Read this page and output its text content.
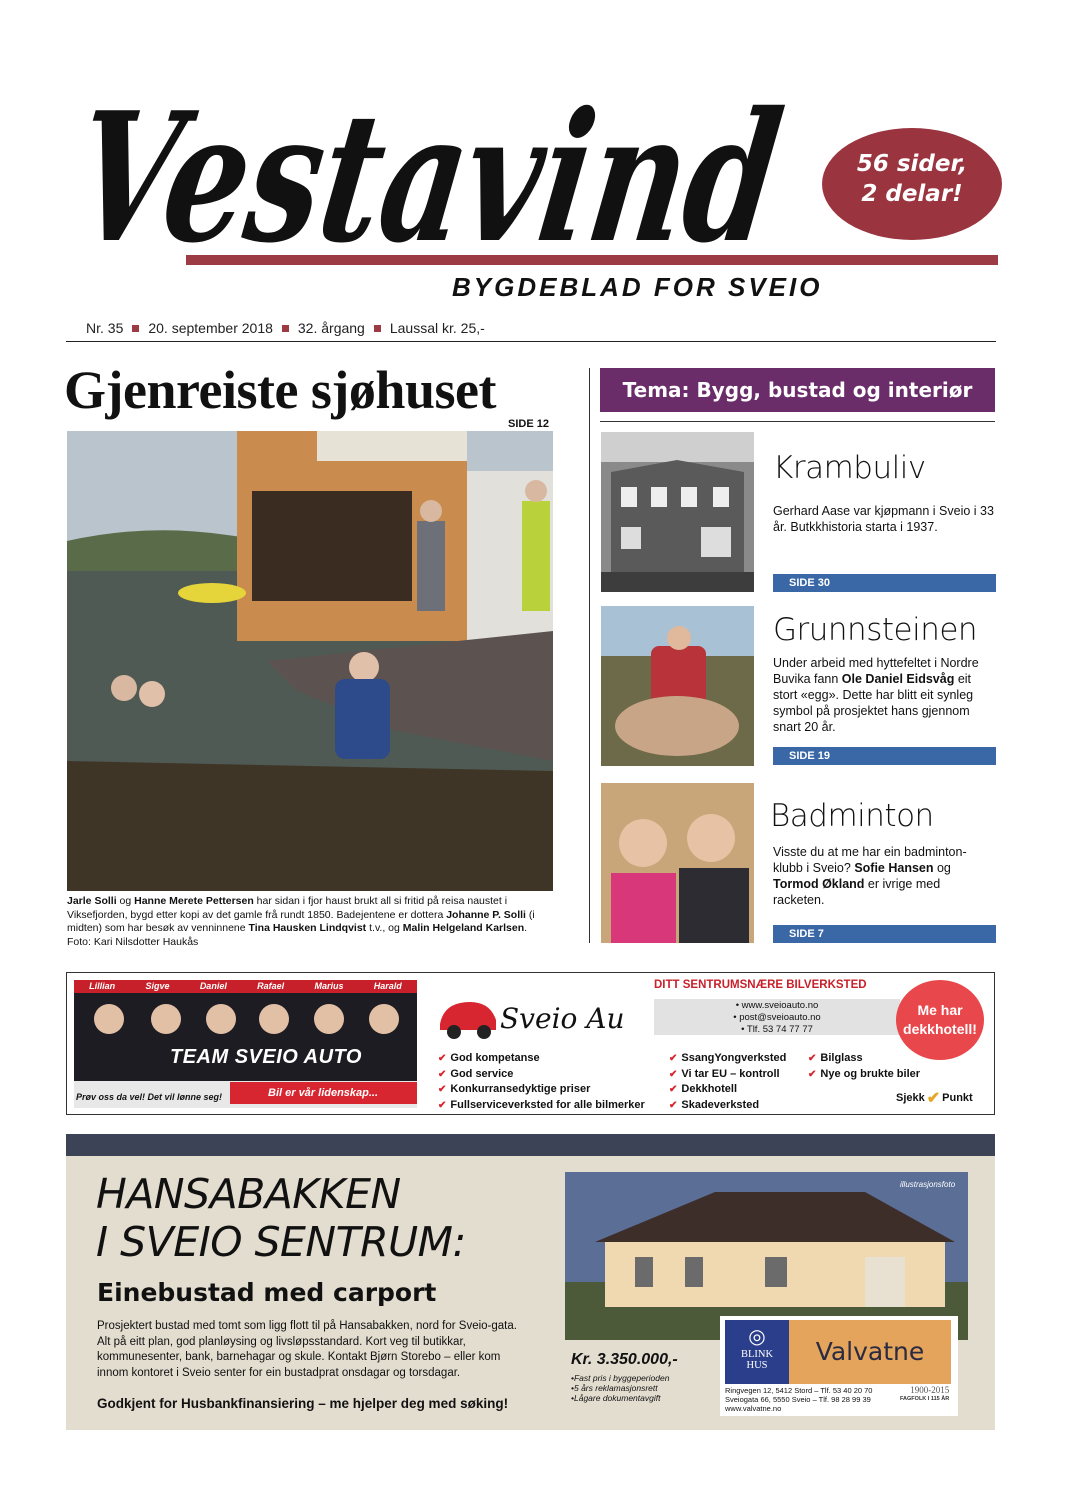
Vestavind
BYGDEBLAD FOR SVEIO
56 sider,
2 delar!
Nr. 35 20. september 2018 32. årgang Laussal kr. 25,-
Gjenreiste sjøhuset
SIDE 12
Jarle Solli og Hanne Merete Pettersen har sidan i fjor haust brukt all si fritid på reisa naustet i Viksefjorden, bygd etter kopi av det gamle frå rundt 1850. Badejentene er dottera Johanne P. Solli (i midten) som har besøk av venninnene Tina Hausken Lindqvist t.v., og Malin Helgeland Karlsen.
Foto: Kari Nilsdotter Haukås
Tema: Bygg, bustad og interiør
Krambuliv
Gerhard Aase var kjøpmann i Sveio i 33 år. Butkkhistoria starta i 1937.
SIDE 30
Grunnsteinen
Under arbeid med hyttefeltet i Nordre Buvika fann Ole Daniel Eidsvåg eit stort «egg». Dette har blitt eit synleg symbol på prosjektet hans gjennom snart 20 år.
SIDE 19
Badminton
Visste du at me har ein badminton-klubb i Sveio? Sofie Hansen og Tormod Økland er ivrige med racketen.
SIDE 7
Lillian	Sigve	Daniel	Rafael	Marius	Harald
TEAM SVEIO AUTO
Bil er vår lidenskap...
Prøv oss da vel! Det vil lønne seg!
Sveio Au
DITT SENTRUMSNÆRE BILVERKSTED
• www.sveioauto.no
• post@sveioauto.no
• Tlf. 53 74 77 77
Me har
dekkhotell!
✔ God kompetanse
✔ God service
✔ Konkurransedyktige priser
✔ Fullserviceverksted for alle bilmerker
✔ SsangYongverksted
✔ Vi tar EU – kontroll
✔ Dekkhotell
✔ Skadeverksted
✔ Bilglass
✔ Nye og brukte biler
Sjekk ✔ Punkt
HANSABAKKEN
I SVEIO SENTRUM:
Einebustad med carport
Prosjektert bustad med tomt som ligg flott til på Hansabakken, nord for Sveio-gata. Alt på eitt plan, god planløysing og livsløpsstandard. Kort veg til butikkar, kommunesenter, bank, barnehagar og skule. Kontakt Bjørn Storebo – eller kom innom kontoret i Sveio senter for ein bustadprat onsdagar og torsdagar.
Godkjent for Husbankfinansiering – me hjelper deg med søking!
illustrasjonsfoto
Kr. 3.350.000,-
• Fast pris i byggeperioden
• 5 års reklamasjonsrett
• Lågare dokumentavgift
◎
BLINK
HUS	Valvatne
Ringvegen 12, 5412 Stord – Tlf. 53 40 20 70
Sveiogata 66, 5550 Sveio – Tlf. 98 28 99 39
www.valvatne.no
1900-2015
FAGFOLK I 115 ÅR
